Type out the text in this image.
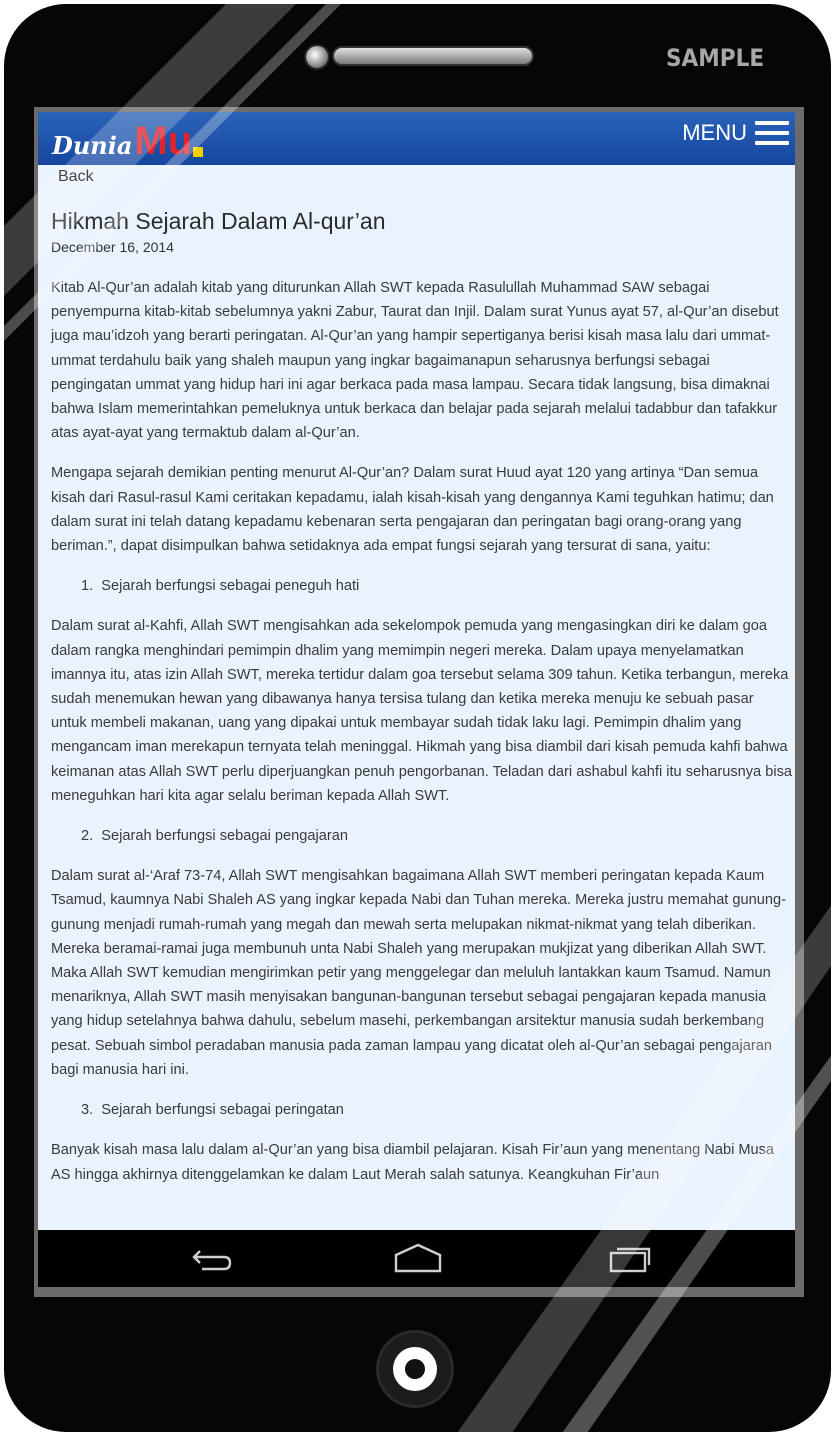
SAMPLE
Dunia Mu	MENU
Back
Hikmah Sejarah Dalam Al-qur’an

December 16, 2014

Kitab Al-Qur’an adalah kitab yang diturunkan Allah SWT kepada Rasulullah Muhammad SAW sebagai penyempurna kitab-kitab sebelumnya yakni Zabur, Taurat dan Injil. Dalam surat Yunus ayat 57, al-Qur’an disebut juga mau’idzoh yang berarti peringatan. Al-Qur’an yang hampir sepertiganya berisi kisah masa lalu dari ummat-ummat terdahulu baik yang shaleh maupun yang ingkar bagaimanapun seharusnya berfungsi sebagai pengingatan ummat yang hidup hari ini agar berkaca pada masa lampau. Secara tidak langsung, bisa dimaknai bahwa Islam memerintahkan pemeluknya untuk berkaca dan belajar pada sejarah melalui tadabbur dan tafakkur atas ayat-ayat yang termaktub dalam al-Qur’an.

Mengapa sejarah demikian penting menurut Al-Qur’an? Dalam surat Huud ayat 120 yang artinya “Dan semua kisah dari Rasul-rasul Kami ceritakan kepadamu, ialah kisah-kisah yang dengannya Kami teguhkan hatimu; dan dalam surat ini telah datang kepadamu kebenaran serta pengajaran dan peringatan bagi orang-orang yang beriman.”, dapat disimpulkan bahwa setidaknya ada empat fungsi sejarah yang tersurat di sana, yaitu:

1. Sejarah berfungsi sebagai peneguh hati

Dalam surat al-Kahfi, Allah SWT mengisahkan ada sekelompok pemuda yang mengasingkan diri ke dalam goa dalam rangka menghindari pemimpin dhalim yang memimpin negeri mereka. Dalam upaya menyelamatkan imannya itu, atas izin Allah SWT, mereka tertidur dalam goa tersebut selama 309 tahun. Ketika terbangun, mereka sudah menemukan hewan yang dibawanya hanya tersisa tulang dan ketika mereka menuju ke sebuah pasar untuk membeli makanan, uang yang dipakai untuk membayar sudah tidak laku lagi. Pemimpin dhalim yang mengancam iman merekapun ternyata telah meninggal. Hikmah yang bisa diambil dari kisah pemuda kahfi bahwa keimanan atas Allah SWT perlu diperjuangkan penuh pengorbanan. Teladan dari ashabul kahfi itu seharusnya bisa meneguhkan hari kita agar selalu beriman kepada Allah SWT.

2. Sejarah berfungsi sebagai pengajaran

Dalam surat al-‘Araf 73-74, Allah SWT mengisahkan bagaimana Allah SWT memberi peringatan kepada Kaum Tsamud, kaumnya Nabi Shaleh AS yang ingkar kepada Nabi dan Tuhan mereka. Mereka justru memahat gunung-gunung menjadi rumah-rumah yang megah dan mewah serta melupakan nikmat-nikmat yang telah diberikan. Mereka beramai-ramai juga membunuh unta Nabi Shaleh yang merupakan mukjizat yang diberikan Allah SWT. Maka Allah SWT kemudian mengirimkan petir yang menggelegar dan meluluh lantakkan kaum Tsamud. Namun menariknya, Allah SWT masih menyisakan bangunan-bangunan tersebut sebagai pengajaran kepada manusia yang hidup setelahnya bahwa dahulu, sebelum masehi, perkembangan arsitektur manusia sudah berkembang pesat. Sebuah simbol peradaban manusia pada zaman lampau yang dicatat oleh al-Qur’an sebagai pengajaran bagi manusia hari ini.

3. Sejarah berfungsi sebagai peringatan

Banyak kisah masa lalu dalam al-Qur’an yang bisa diambil pelajaran. Kisah Fir’aun yang menentang Nabi Musa AS hingga akhirnya ditenggelamkan ke dalam Laut Merah salah satunya. Keangkuhan Fir’aun
